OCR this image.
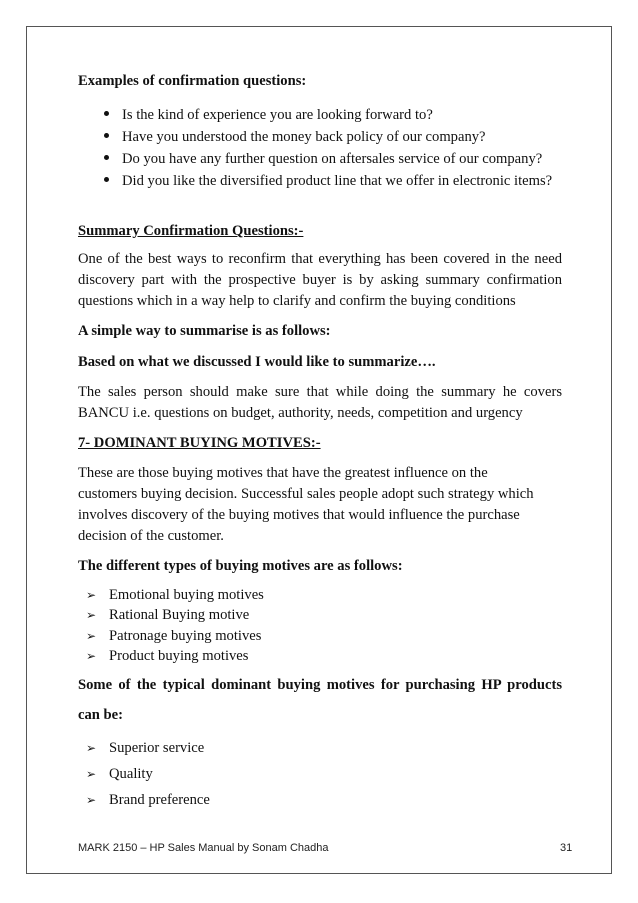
Examples of confirmation questions:
Is the kind of experience you are looking forward to?
Have you understood the money back policy of our company?
Do you have any further question on aftersales service of our company?
Did you like the diversified product line that we offer in electronic items?
Summary Confirmation Questions:-
One of the best ways to reconfirm that everything has been covered in the need
discovery part with the prospective buyer is by asking summary confirmation
questions which in a way help to clarify and confirm the buying conditions
A simple way to summarise is as follows:
Based on what we discussed I would like to summarize….
The sales person should make sure that while doing the summary he covers
BANCU i.e. questions on budget, authority, needs, competition and urgency
7- DOMINANT BUYING MOTIVES:-
These are those buying motives that have the greatest influence on the
customers buying decision. Successful sales people adopt such strategy which
involves discovery of the buying motives that would influence the purchase
decision of the customer.
The different types of buying motives are as follows:
➢ Emotional buying motives
➢ Rational Buying motive
➢ Patronage buying motives
➢ Product buying motives
Some of the typical dominant buying motives for purchasing HP products
can be:
➢ Superior service
➢ Quality
➢ Brand preference
MARK 2150 – HP Sales Manual by Sonam Chadha	31
